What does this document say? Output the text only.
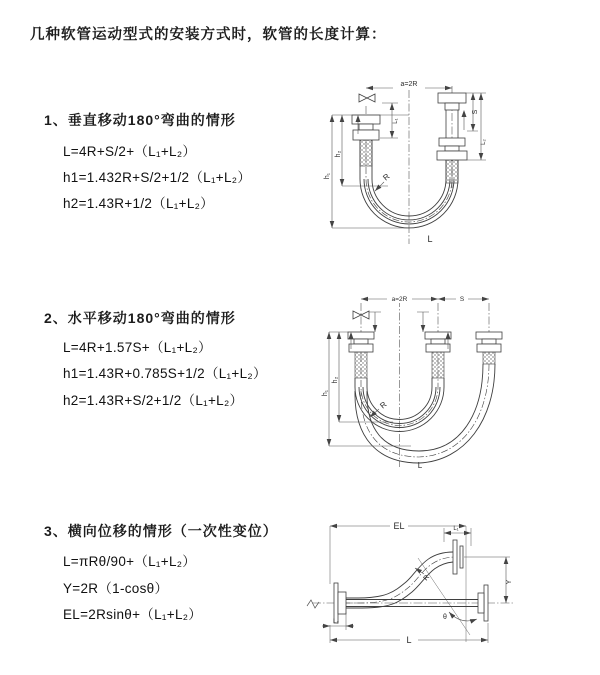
几种软管运动型式的安装方式时，软管的长度计算：
1、垂直移动180°弯曲的情形
L=4R+S/2+（L₁+L₂）
h1=1.432R+S/2+1/2（L₁+L₂）
h2=1.43R+1/2（L₁+L₂）
2、水平移动180°弯曲的情形
L=4R+1.57S+（L₁+L₂）
h1=1.43R+0.785S+1/2（L₁+L₂）
h2=1.43R+S/2+1/2（L₁+L₂）
3、横向位移的情形（一次性变位）
L=πRθ/90+（L₁+L₂）
Y=2R（1-cosθ）
EL=2Rsinθ+（L₁+L₂）
a=2R
h₁
h₂
L₁
S
L₂
R
L
a=2R	S
h₁
h₂
R
L
EL	L₁
Y
R
θ
L₂
L
